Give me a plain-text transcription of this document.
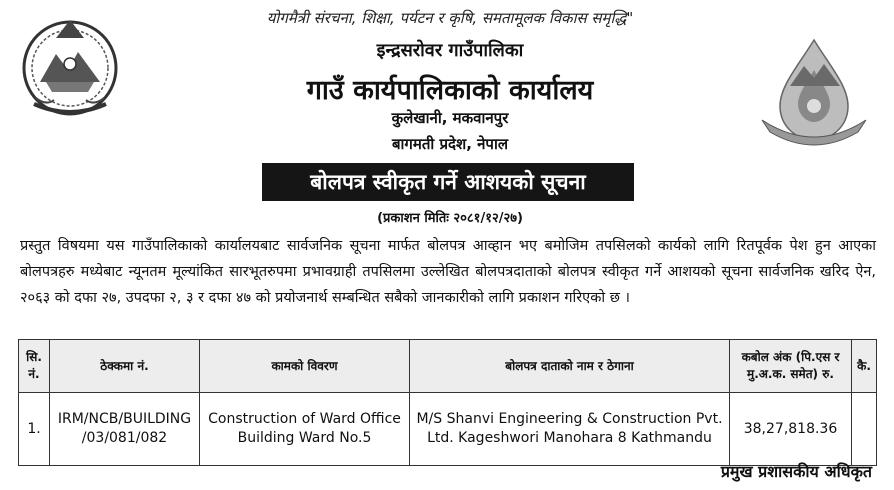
योगमैत्री संरचना, शिक्षा, पर्यटन र कृषि, समतामूलक विकास समृद्धि"
इन्द्रसरोवर गाउँपालिका
गाउँ कार्यपालिकाको कार्यालय
कुलेखानी, मकवानपुर
बागमती प्रदेश, नेपाल
बोलपत्र स्वीकृत गर्ने आशयको सूचना
(प्रकाशन मितिः २०८१/१२/२७)
प्रस्तुत विषयमा यस गाउँपालिकाको कार्यालयबाट सार्वजनिक सूचना मार्फत बोलपत्र आव्हान भए बमोजिम तपसिलको कार्यको लागि रितपूर्वक पेश हुन आएका बोलपत्रहरु मध्येबाट न्यूनतम मूल्यांकित सारभूतरुपमा प्रभावग्राही तपसिलमा उल्लेखित बोलपत्रदाताको बोलपत्र स्वीकृत गर्ने आशयको सूचना सार्वजनिक खरिद ऐन, २०६३ को दफा २७, उपदफा २, ३ र दफा ४७ को प्रयोजनार्थ सम्बन्धित सबैको जानकारीको लागि प्रकाशन गरिएको छ ।
सि. नं.	ठेक्कमा नं.	कामको विवरण	बोलपत्र दाताको नाम र ठेगाना	कबोल अंक (पि.एस र मु.अ.क. समेत) रु.	कै.
1.	IRM/NCB/BUILDING /03/081/082	Construction of Ward Office Building Ward No.5	M/S Shanvi Engineering & Construction Pvt. Ltd. Kageshwori Manohara 8 Kathmandu	38,27,818.36	
प्रमुख प्रशासकीय अधिकृत
